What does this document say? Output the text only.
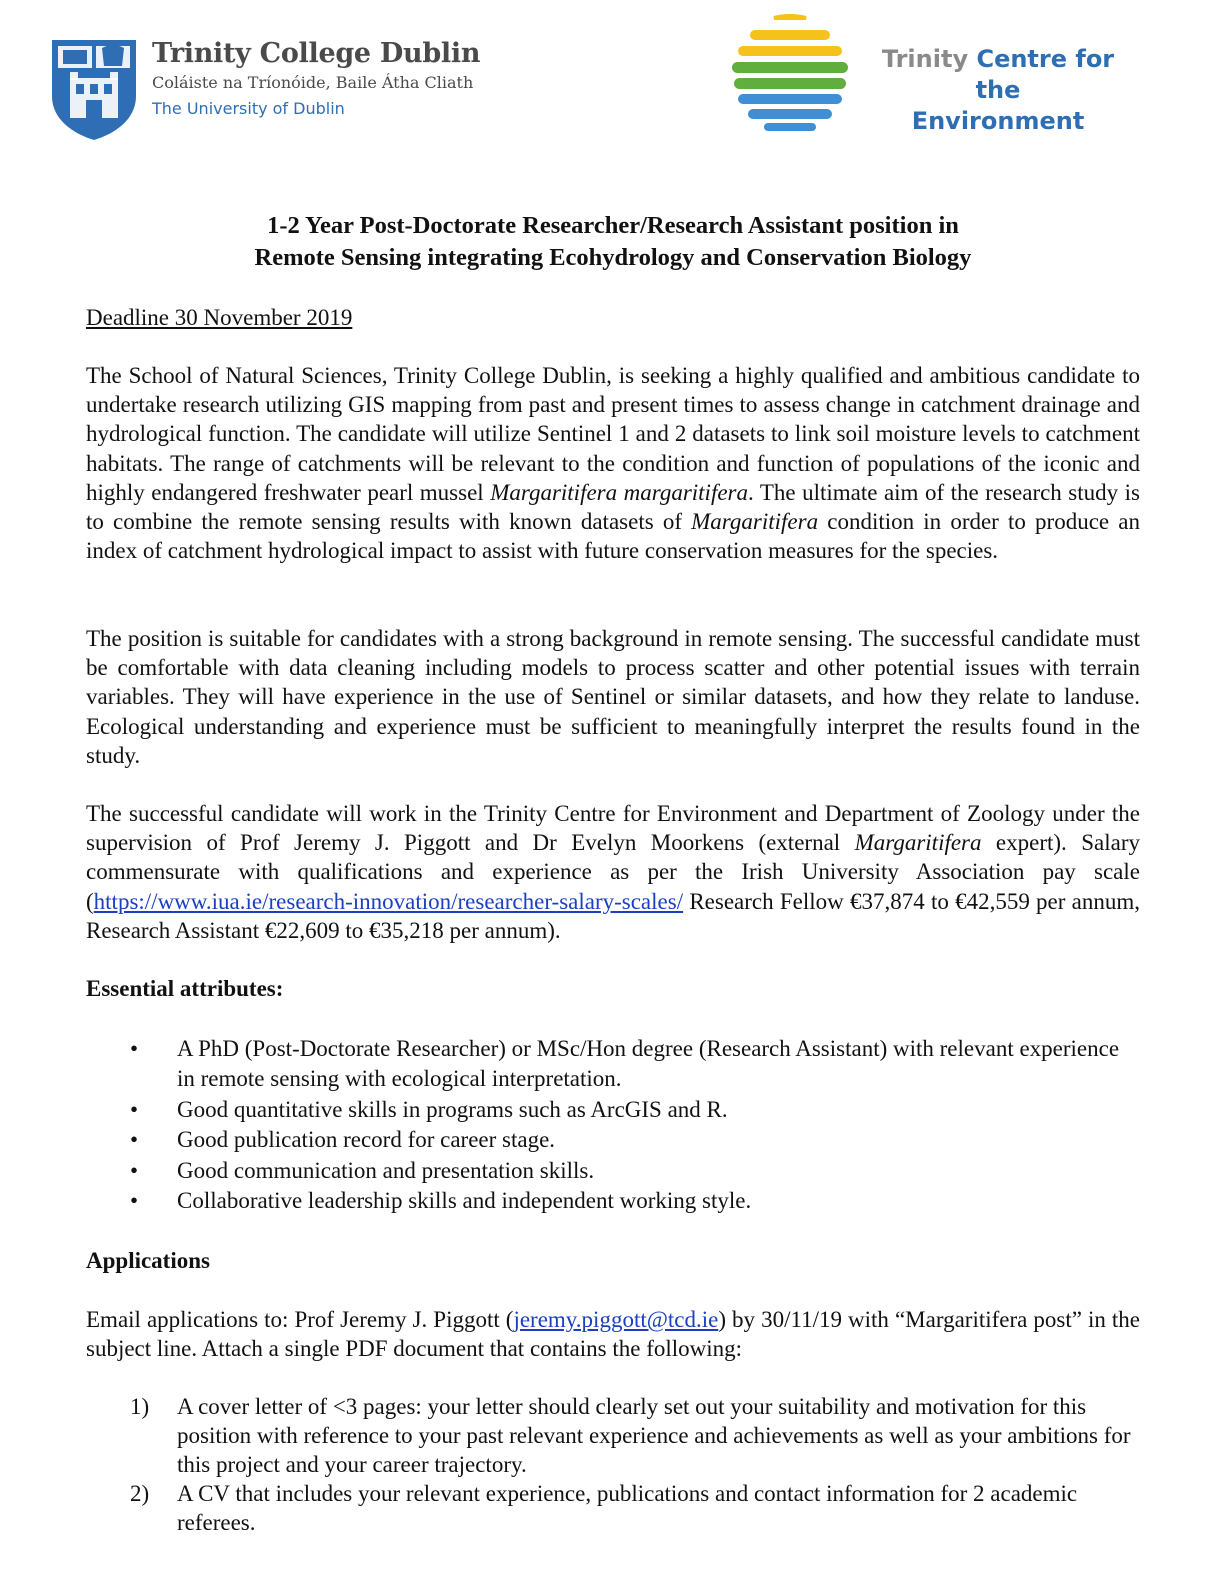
Trinity College Dublin
Coláiste na Tríonóide, Baile Átha Cliath
The University of Dublin
Trinity Centre for the
Environment
1-2 Year Post-Doctorate Researcher/Research Assistant position in
Remote Sensing integrating Ecohydrology and Conservation Biology
Deadline 30 November 2019

The School of Natural Sciences, Trinity College Dublin, is seeking a highly qualified and ambitious candidate to undertake research utilizing GIS mapping from past and present times to assess change in catchment drainage and hydrological function. The candidate will utilize Sentinel 1 and 2 datasets to link soil moisture levels to catchment habitats. The range of catchments will be relevant to the condition and function of populations of the iconic and highly endangered freshwater pearl mussel Margaritifera margaritifera. The ultimate aim of the research study is to combine the remote sensing results with known datasets of Margaritifera condition in order to produce an index of catchment hydrological impact to assist with future conservation measures for the species.

The position is suitable for candidates with a strong background in remote sensing. The successful candidate must be comfortable with data cleaning including models to process scatter and other potential issues with terrain variables. They will have experience in the use of Sentinel or similar datasets, and how they relate to landuse. Ecological understanding and experience must be sufficient to meaningfully interpret the results found in the study.

The successful candidate will work in the Trinity Centre for Environment and Department of Zoology under the supervision of Prof Jeremy J. Piggott and Dr Evelyn Moorkens (external Margaritifera expert). Salary commensurate with qualifications and experience as per the Irish University Association pay scale (https://www.iua.ie/research-innovation/researcher-salary-scales/ Research Fellow €37,874 to €42,559 per annum, Research Assistant €22,609 to €35,218 per annum).

Essential attributes:
• A PhD (Post-Doctorate Researcher) or MSc/Hon degree (Research Assistant) with relevant experience in remote sensing with ecological interpretation.
• Good quantitative skills in programs such as ArcGIS and R.
• Good publication record for career stage.
• Good communication and presentation skills.
• Collaborative leadership skills and independent working style.
Applications

Email applications to: Prof Jeremy J. Piggott (jeremy.piggott@tcd.ie) by 30/11/19 with “Margaritifera post” in the subject line. Attach a single PDF document that contains the following:

1) A cover letter of <3 pages: your letter should clearly set out your suitability and motivation for this position with reference to your past relevant experience and achievements as well as your ambitions for this project and your career trajectory.
2) A CV that includes your relevant experience, publications and contact information for 2 academic referees.
